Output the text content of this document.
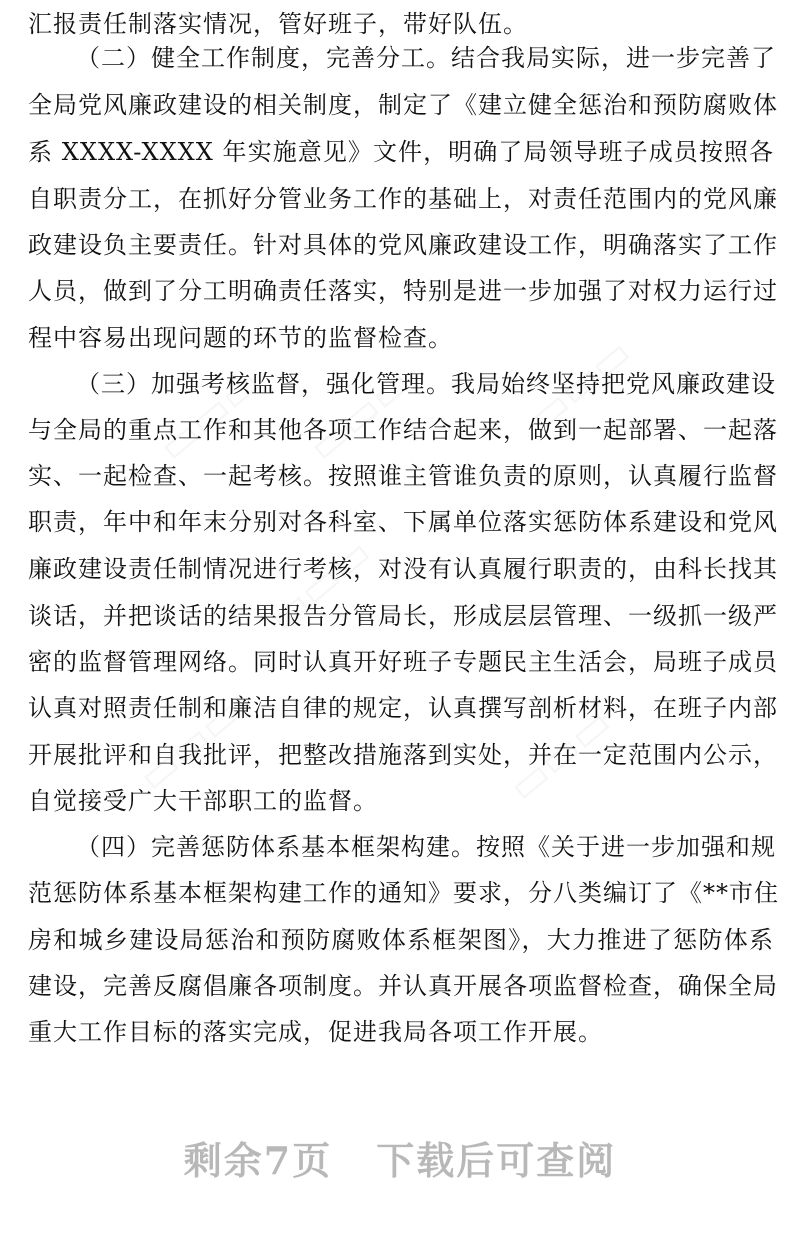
汇报责任制落实情况，管好班子，带好队伍。
（二）健全工作制度，完善分工。结合我局实际，进一步完善了
全局党风廉政建设的相关制度，制定了《建立健全惩治和预防腐败体
系 XXXX-XXXX 年实施意见》文件，明确了局领导班子成员按照各
自职责分工，在抓好分管业务工作的基础上，对责任范围内的党风廉
政建设负主要责任。针对具体的党风廉政建设工作，明确落实了工作
人员，做到了分工明确责任落实，特别是进一步加强了对权力运行过
程中容易出现问题的环节的监督检查。
（三）加强考核监督，强化管理。我局始终坚持把党风廉政建设
与全局的重点工作和其他各项工作结合起来，做到一起部署、一起落
实、一起检查、一起考核。按照谁主管谁负责的原则，认真履行监督
职责，年中和年末分别对各科室、下属单位落实惩防体系建设和党风
廉政建设责任制情况进行考核，对没有认真履行职责的，由科长找其
谈话，并把谈话的结果报告分管局长，形成层层管理、一级抓一级严
密的监督管理网络。同时认真开好班子专题民主生活会，局班子成员
认真对照责任制和廉洁自律的规定，认真撰写剖析材料，在班子内部
开展批评和自我批评，把整改措施落到实处，并在一定范围内公示，
自觉接受广大干部职工的监督。
（四）完善惩防体系基本框架构建。按照《关于进一步加强和规
范惩防体系基本框架构建工作的通知》要求，分八类编订了《**市住
房和城乡建设局惩治和预防腐败体系框架图》，大力推进了惩防体系
建设，完善反腐倡廉各项制度。并认真开展各项监督检查，确保全局
重大工作目标的落实完成，促进我局各项工作开展。
剩余7页 下载后可查阅
